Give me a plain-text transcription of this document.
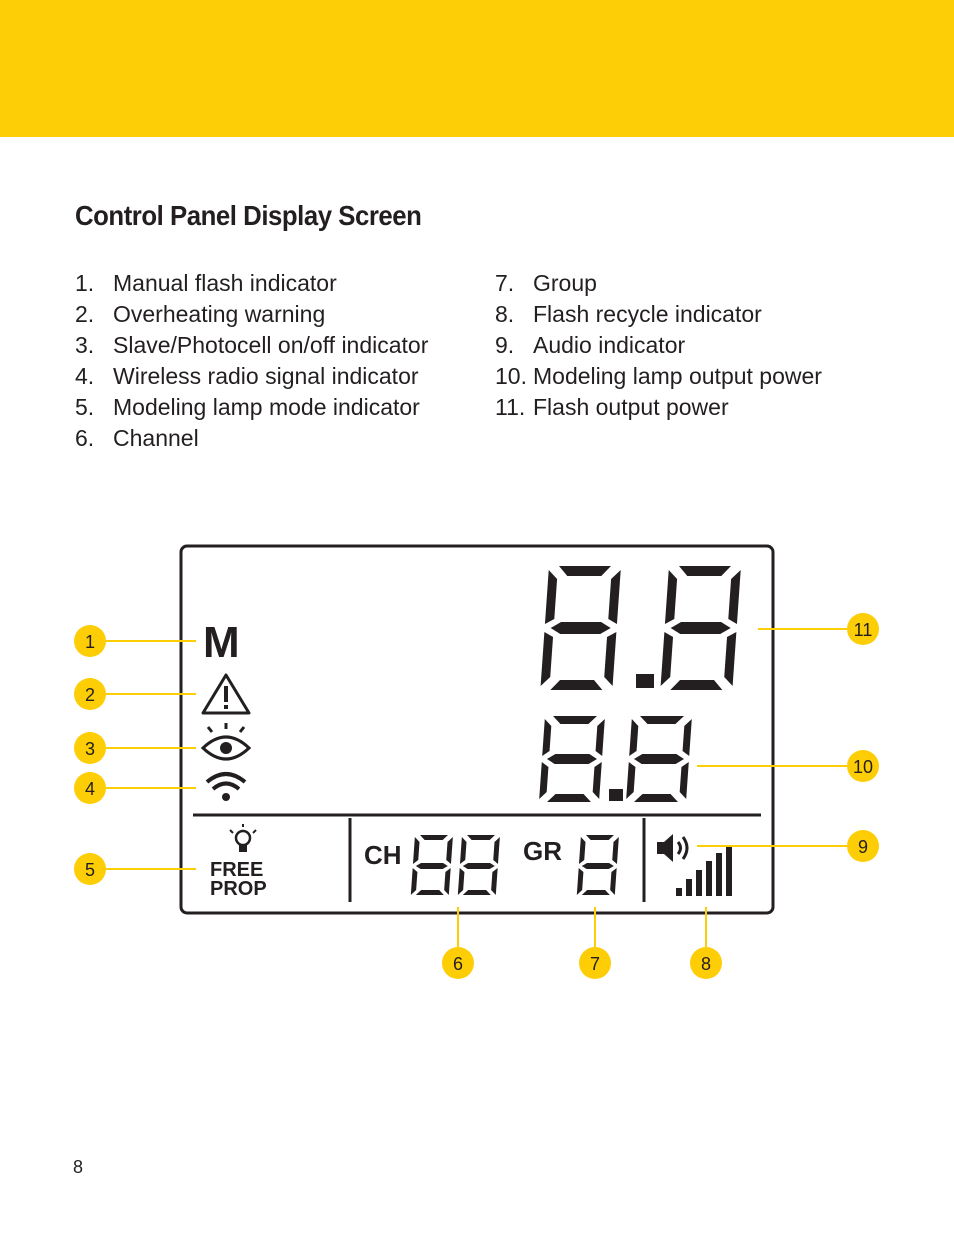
Control Panel Display Screen
1. Manual flash indicator
2. Overheating warning
3. Slave/Photocell on/off indicator
4. Wireless radio signal indicator
5. Modeling lamp mode indicator
6. Channel
7. Group
8. Flash recycle indicator
9. Audio indicator
10. Modeling lamp output power
11. Flash output power
M
FREE
PROP
CH	GR
1
2
3
4
5
6	7	8
9
10
11
8
